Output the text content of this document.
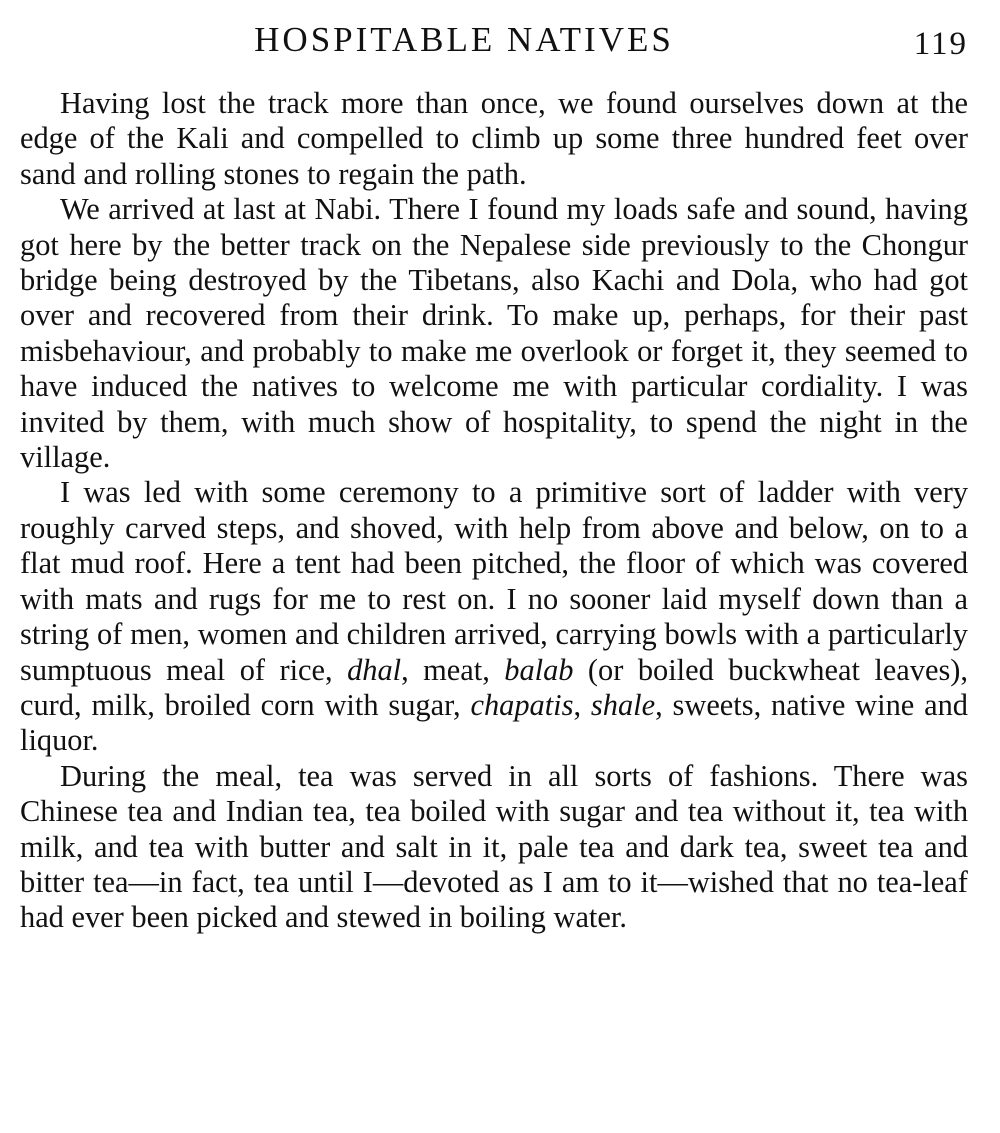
HOSPITABLE NATIVES	119

Having lost the track more than once, we found ourselves down at the edge of the Kali and compelled to climb up some three hundred feet over sand and rolling stones to regain the path.

We arrived at last at Nabi. There I found my loads safe and sound, having got here by the better track on the Nepalese side previously to the Chongur bridge being destroyed by the Tibetans, also Kachi and Dola, who had got over and recovered from their drink. To make up, perhaps, for their past misbehaviour, and probably to make me overlook or forget it, they seemed to have induced the natives to welcome me with particular cordiality. I was invited by them, with much show of hospitality, to spend the night in the village.

I was led with some ceremony to a primitive sort of ladder with very roughly carved steps, and shoved, with help from above and below, on to a flat mud roof. Here a tent had been pitched, the floor of which was covered with mats and rugs for me to rest on. I no sooner laid myself down than a string of men, women and children arrived, carrying bowls with a particularly sumptuous meal of rice, dhal, meat, balab (or boiled buckwheat leaves), curd, milk, broiled corn with sugar, chapatis, shale, sweets, native wine and liquor.

During the meal, tea was served in all sorts of fashions. There was Chinese tea and Indian tea, tea boiled with sugar and tea without it, tea with milk, and tea with butter and salt in it, pale tea and dark tea, sweet tea and bitter tea—in fact, tea until I—devoted as I am to it—wished that no tea-leaf had ever been picked and stewed in boiling water.
